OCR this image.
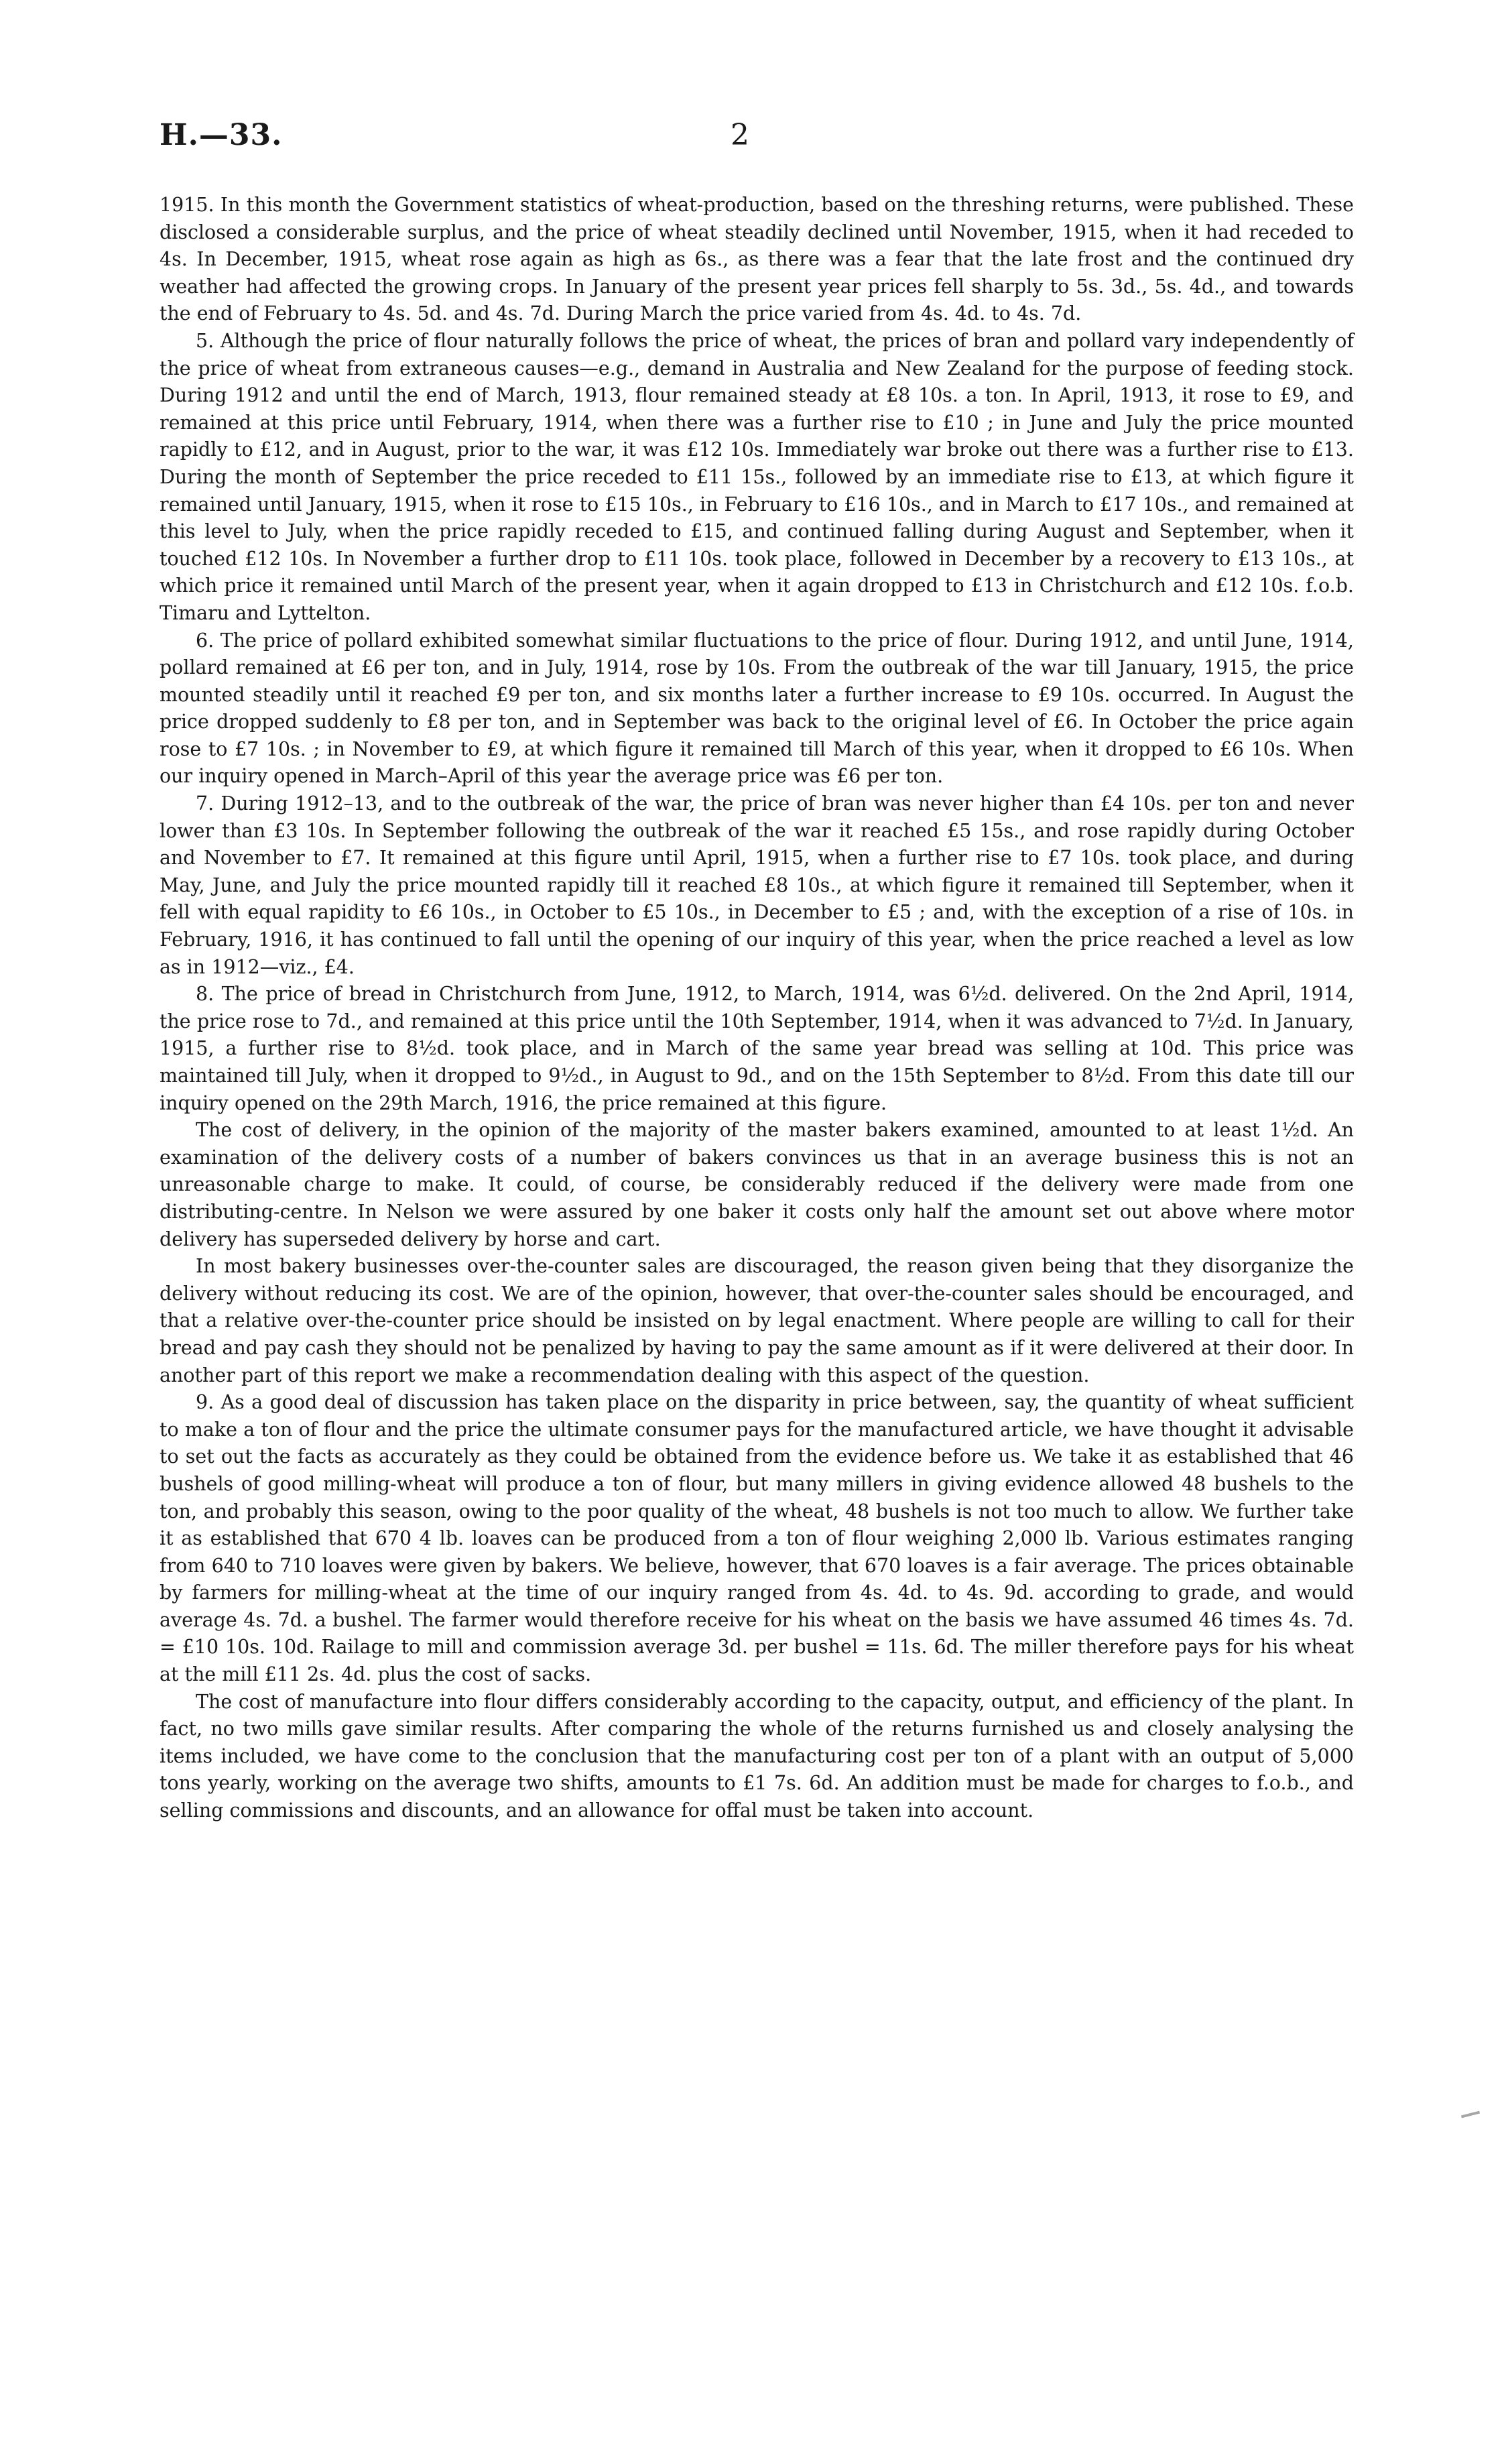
H.—33.	2

1915. In this month the Government statistics of wheat-production, based on the threshing returns, were published. These disclosed a considerable surplus, and the price of wheat steadily declined until November, 1915, when it had receded to 4s. In December, 1915, wheat rose again as high as 6s., as there was a fear that the late frost and the continued dry weather had affected the growing crops. In January of the present year prices fell sharply to 5s. 3d., 5s. 4d., and towards the end of February to 4s. 5d. and 4s. 7d. During March the price varied from 4s. 4d. to 4s. 7d.

5. Although the price of flour naturally follows the price of wheat, the prices of bran and pollard vary independently of the price of wheat from extraneous causes—e.g., demand in Australia and New Zealand for the purpose of feeding stock. During 1912 and until the end of March, 1913, flour remained steady at £8 10s. a ton. In April, 1913, it rose to £9, and remained at this price until February, 1914, when there was a further rise to £10 ; in June and July the price mounted rapidly to £12, and in August, prior to the war, it was £12 10s. Immediately war broke out there was a further rise to £13. During the month of September the price receded to £11 15s., followed by an immediate rise to £13, at which figure it remained until January, 1915, when it rose to £15 10s., in February to £16 10s., and in March to £17 10s., and remained at this level to July, when the price rapidly receded to £15, and continued falling during August and September, when it touched £12 10s. In November a further drop to £11 10s. took place, followed in December by a recovery to £13 10s., at which price it remained until March of the present year, when it again dropped to £13 in Christchurch and £12 10s. f.o.b. Timaru and Lyttelton.

6. The price of pollard exhibited somewhat similar fluctuations to the price of flour. During 1912, and until June, 1914, pollard remained at £6 per ton, and in July, 1914, rose by 10s. From the outbreak of the war till January, 1915, the price mounted steadily until it reached £9 per ton, and six months later a further increase to £9 10s. occurred. In August the price dropped suddenly to £8 per ton, and in September was back to the original level of £6. In October the price again rose to £7 10s. ; in November to £9, at which figure it remained till March of this year, when it dropped to £6 10s. When our inquiry opened in March–April of this year the average price was £6 per ton.

7. During 1912–13, and to the outbreak of the war, the price of bran was never higher than £4 10s. per ton and never lower than £3 10s. In September following the outbreak of the war it reached £5 15s., and rose rapidly during October and November to £7. It remained at this figure until April, 1915, when a further rise to £7 10s. took place, and during May, June, and July the price mounted rapidly till it reached £8 10s., at which figure it remained till September, when it fell with equal rapidity to £6 10s., in October to £5 10s., in December to £5 ; and, with the exception of a rise of 10s. in February, 1916, it has continued to fall until the opening of our inquiry of this year, when the price reached a level as low as in 1912—viz., £4.

8. The price of bread in Christchurch from June, 1912, to March, 1914, was 6½d. delivered. On the 2nd April, 1914, the price rose to 7d., and remained at this price until the 10th September, 1914, when it was advanced to 7½d. In January, 1915, a further rise to 8½d. took place, and in March of the same year bread was selling at 10d. This price was maintained till July, when it dropped to 9½d., in August to 9d., and on the 15th September to 8½d. From this date till our inquiry opened on the 29th March, 1916, the price remained at this figure.

The cost of delivery, in the opinion of the majority of the master bakers examined, amounted to at least 1½d. An examination of the delivery costs of a number of bakers convinces us that in an average business this is not an unreasonable charge to make. It could, of course, be considerably reduced if the delivery were made from one distributing-centre. In Nelson we were assured by one baker it costs only half the amount set out above where motor delivery has superseded delivery by horse and cart.

In most bakery businesses over-the-counter sales are discouraged, the reason given being that they disorganize the delivery without reducing its cost. We are of the opinion, however, that over-the-counter sales should be encouraged, and that a relative over-the-counter price should be insisted on by legal enactment. Where people are willing to call for their bread and pay cash they should not be penalized by having to pay the same amount as if it were delivered at their door. In another part of this report we make a recommendation dealing with this aspect of the question.

9. As a good deal of discussion has taken place on the disparity in price between, say, the quantity of wheat sufficient to make a ton of flour and the price the ultimate consumer pays for the manufactured article, we have thought it advisable to set out the facts as accurately as they could be obtained from the evidence before us. We take it as established that 46 bushels of good milling-wheat will produce a ton of flour, but many millers in giving evidence allowed 48 bushels to the ton, and probably this season, owing to the poor quality of the wheat, 48 bushels is not too much to allow. We further take it as established that 670 4 lb. loaves can be produced from a ton of flour weighing 2,000 lb. Various estimates ranging from 640 to 710 loaves were given by bakers. We believe, however, that 670 loaves is a fair average. The prices obtainable by farmers for milling-wheat at the time of our inquiry ranged from 4s. 4d. to 4s. 9d. according to grade, and would average 4s. 7d. a bushel. The farmer would therefore receive for his wheat on the basis we have assumed 46 times 4s. 7d. = £10 10s. 10d. Railage to mill and commission average 3d. per bushel = 11s. 6d. The miller therefore pays for his wheat at the mill £11 2s. 4d. plus the cost of sacks.

The cost of manufacture into flour differs considerably according to the capacity, output, and efficiency of the plant. In fact, no two mills gave similar results. After comparing the whole of the returns furnished us and closely analysing the items included, we have come to the conclusion that the manufacturing cost per ton of a plant with an output of 5,000 tons yearly, working on the average two shifts, amounts to £1 7s. 6d. An addition must be made for charges to f.o.b., and selling commissions and discounts, and an allowance for offal must be taken into account.
